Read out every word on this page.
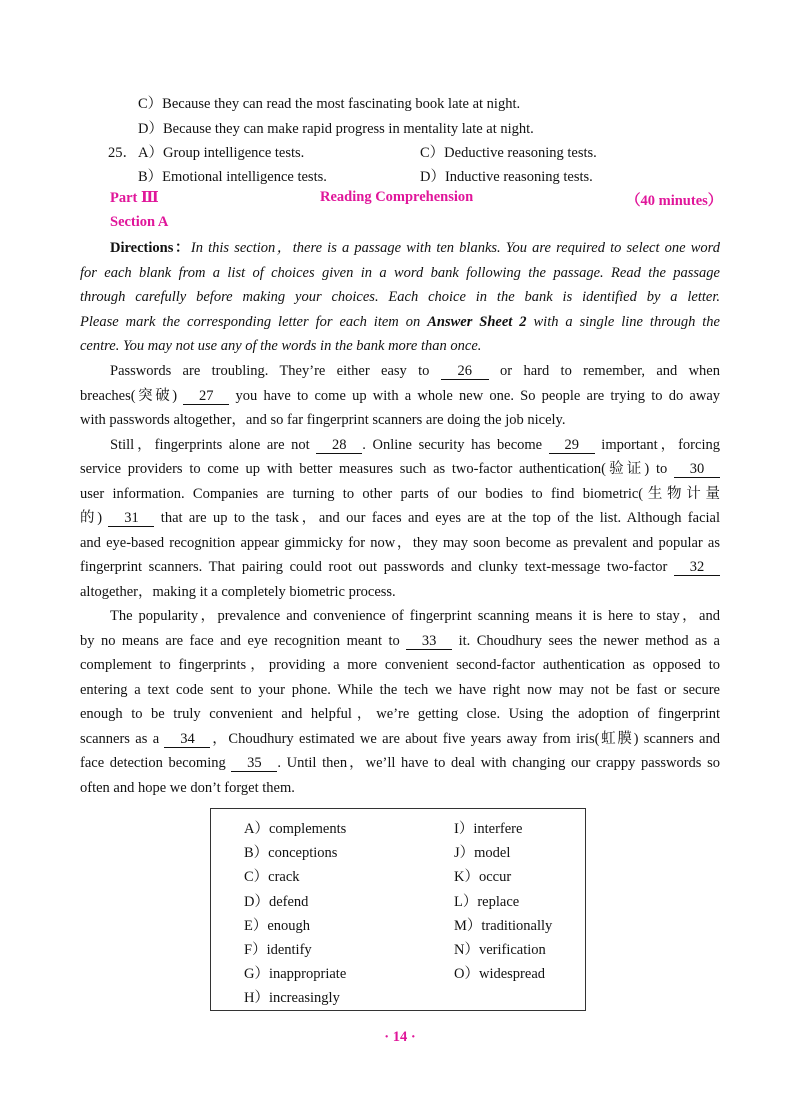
C）Because they can read the most fascinating book late at night.
D）Because they can make rapid progress in mentality late at night.
25． A）Group intelligence tests.	C）Deductive reasoning tests.
B）Emotional intelligence tests.	D）Inductive reasoning tests.
Part Ⅲ	Reading Comprehension	（40 minutes）
Section A
Directions：In this section，there is a passage with ten blanks. You are required to select one word
for each blank from a list of choices given in a word bank following the passage. Read the passage
through carefully before making your choices. Each choice in the bank is identified by a letter.
Please mark the corresponding letter for each item on Answer Sheet 2 with a single line through the
centre. You may not use any of the words in the bank more than once.
Passwords are troubling. They’re either easy to 26 or hard to remember, and when
breaches(突破) 27 you have to come up with a whole new one. So people are trying to do away
with passwords altogether，and so far fingerprint scanners are doing the job nicely.
Still，fingerprints alone are not 28 . Online security has become 29 important，forcing
service providers to come up with better measures such as two-factor authentication(验证) to 30
user information. Companies are turning to other parts of our bodies to find biometric(生物计量
的) 31 that are up to the task，and our faces and eyes are at the top of the list. Although facial
and eye-based recognition appear gimmicky for now，they may soon become as prevalent and popular as
fingerprint scanners. That pairing could root out passwords and clunky text-message two-factor 32
altogether，making it a completely biometric process.
The popularity，prevalence and convenience of fingerprint scanning means it is here to stay，and
by no means are face and eye recognition meant to 33 it. Choudhury sees the newer method as a
complement to fingerprints，providing a more convenient second-factor authentication as opposed to
entering a text code sent to your phone. While the tech we have right now may not be fast or secure
enough to be truly convenient and helpful，we’re getting close. Using the adoption of fingerprint
scanners as a 34 ，Choudhury estimated we are about five years away from iris(虹膜) scanners and
face detection becoming 35 . Until then，we’ll have to deal with changing our crappy passwords so
often and hope we don’t forget them.
A）complements
B）conceptions
C）crack
D）defend
E）enough
F）identify
G）inappropriate
H）increasingly
I）interfere
J）model
K）occur
L）replace
M）traditionally
N）verification
O）widespread
· 14 ·
